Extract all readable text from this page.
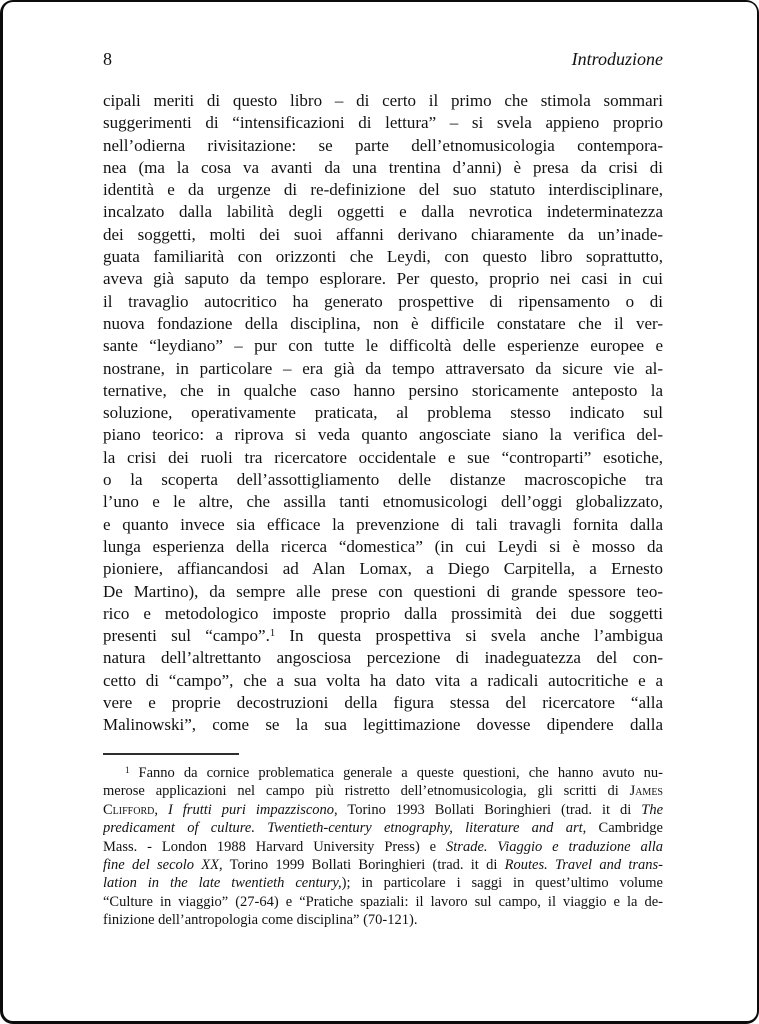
8	Introduzione
cipali meriti di questo libro – di certo il primo che stimola sommari
suggerimenti di “intensificazioni di lettura” – si svela appieno proprio
nell’odierna rivisitazione: se parte dell’etnomusicologia contempora-
nea (ma la cosa va avanti da una trentina d’anni) è presa da crisi di
identità e da urgenze di re-definizione del suo statuto interdisciplinare,
incalzato dalla labilità degli oggetti e dalla nevrotica indeterminatezza
dei soggetti, molti dei suoi affanni derivano chiaramente da un’inade-
guata familiarità con orizzonti che Leydi, con questo libro soprattutto,
aveva già saputo da tempo esplorare. Per questo, proprio nei casi in cui
il travaglio autocritico ha generato prospettive di ripensamento o di
nuova fondazione della disciplina, non è difficile constatare che il ver-
sante “leydiano” – pur con tutte le difficoltà delle esperienze europee e
nostrane, in particolare – era già da tempo attraversato da sicure vie al-
ternative, che in qualche caso hanno persino storicamente anteposto la
soluzione, operativamente praticata, al problema stesso indicato sul
piano teorico: a riprova si veda quanto angosciate siano la verifica del-
la crisi dei ruoli tra ricercatore occidentale e sue “controparti” esotiche,
o la scoperta dell’assottigliamento delle distanze macroscopiche tra
l’uno e le altre, che assilla tanti etnomusicologi dell’oggi globalizzato,
e quanto invece sia efficace la prevenzione di tali travagli fornita dalla
lunga esperienza della ricerca “domestica” (in cui Leydi si è mosso da
pioniere, affiancandosi ad Alan Lomax, a Diego Carpitella, a Ernesto
De Martino), da sempre alle prese con questioni di grande spessore teo-
rico e metodologico imposte proprio dalla prossimità dei due soggetti
presenti sul “campo”.$^1$ In questa prospettiva si svela anche l’ambigua
natura dell’altrettanto angosciosa percezione di inadeguatezza del con-
cetto di “campo”, che a sua volta ha dato vita a radicali autocritiche e a
vere e proprie decostruzioni della figura stessa del ricercatore “alla
Malinowski”, come se la sua legittimazione dovesse dipendere dalla
$^1$ Fanno da cornice problematica generale a queste questioni, che hanno avuto nu-
merose applicazioni nel campo più ristretto dell’etnomusicologia, gli scritti di James
Clifford, I frutti puri impazziscono, Torino 1993 Bollati Boringhieri (trad. it di The
predicament of culture. Twentieth-century etnography, literature and art, Cambridge
Mass. - London 1988 Harvard University Press) e Strade. Viaggio e traduzione alla
fine del secolo XX, Torino 1999 Bollati Boringhieri (trad. it di Routes. Travel and trans-
lation in the late twentieth century,); in particolare i saggi in quest’ultimo volume
“Culture in viaggio” (27-64) e “Pratiche spaziali: il lavoro sul campo, il viaggio e la de-
finizione dell’antropologia come disciplina” (70-121).
